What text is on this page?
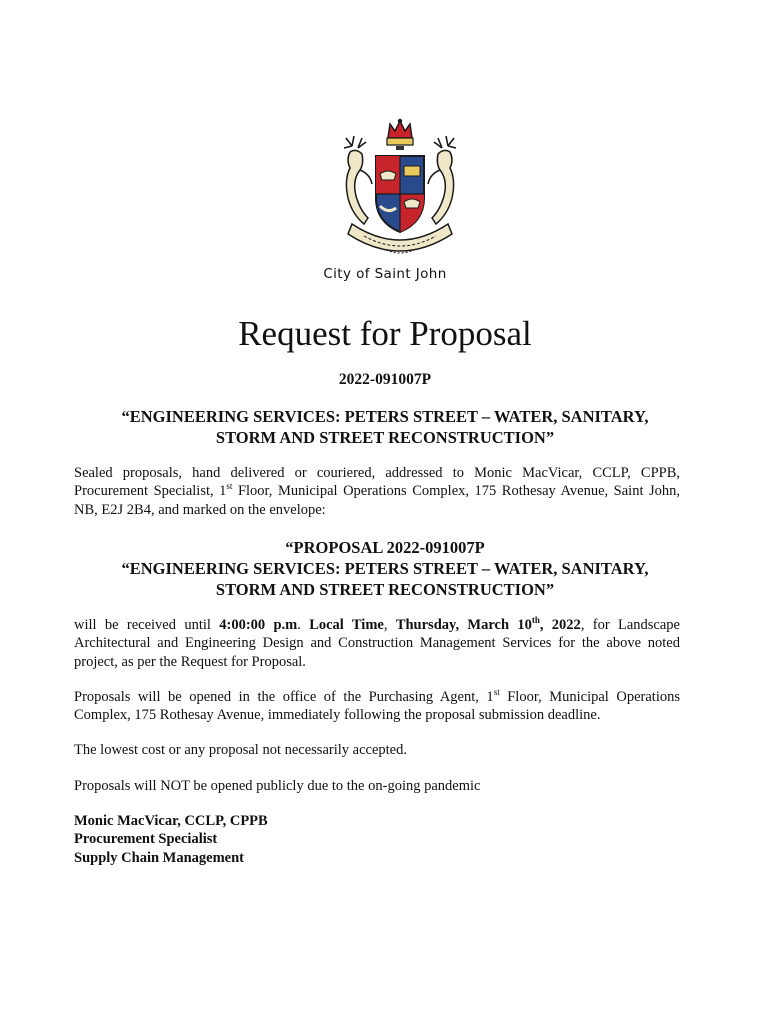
City of Saint John
Request for Proposal
2022-091007P
“ENGINEERING SERVICES: PETERS STREET – WATER, SANITARY,
STORM AND STREET RECONSTRUCTION”
Sealed proposals, hand delivered or couriered, addressed to Monic MacVicar, CCLP, CPPB, Procurement Specialist, 1st Floor, Municipal Operations Complex, 175 Rothesay Avenue, Saint John, NB, E2J 2B4, and marked on the envelope:
“PROPOSAL 2022-091007P
“ENGINEERING SERVICES: PETERS STREET – WATER, SANITARY,
STORM AND STREET RECONSTRUCTION”
will be received until 4:00:00 p.m. Local Time, Thursday, March 10th, 2022, for Landscape Architectural and Engineering Design and Construction Management Services for the above noted project, as per the Request for Proposal.
Proposals will be opened in the office of the Purchasing Agent, 1st Floor, Municipal Operations Complex, 175 Rothesay Avenue, immediately following the proposal submission deadline.
The lowest cost or any proposal not necessarily accepted.
Proposals will NOT be opened publicly due to the on-going pandemic
Monic MacVicar, CCLP, CPPB
Procurement Specialist
Supply Chain Management
